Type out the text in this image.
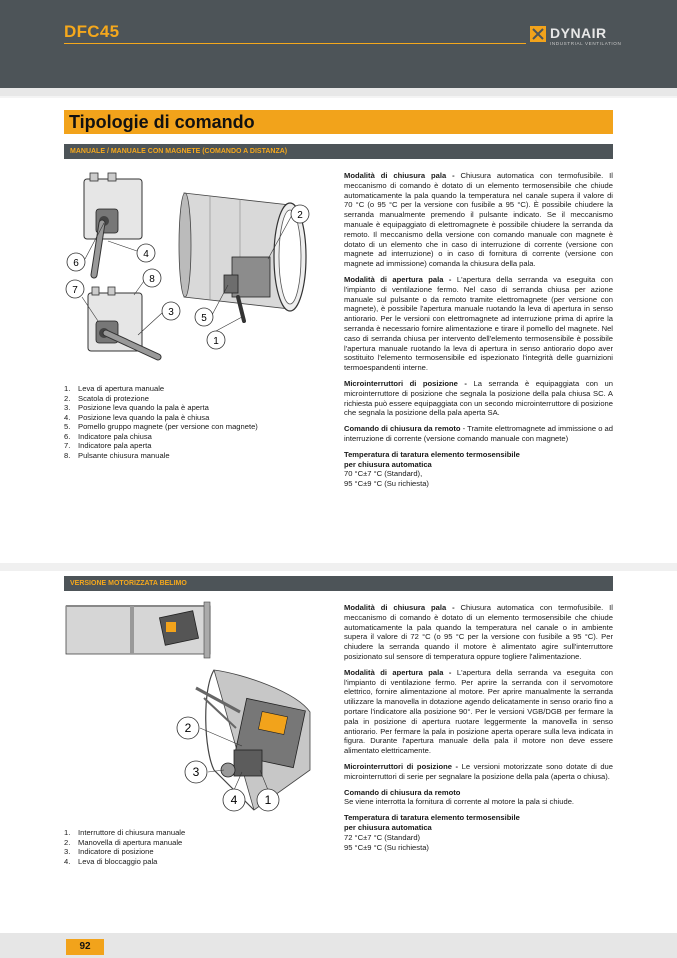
DFC45	DYNAIR
INDUSTRIAL VENTILATION
Tipologie di comando
MANUALE / MANUALE CON MAGNETE (COMANDO A DISTANZA)
2
6
4
8
7
3
5
1
1. Leva di apertura manuale
2. Scatola di protezione
3. Posizione leva quando la pala è aperta
4. Posizione leva quando la pala è chiusa
5. Pomello gruppo magnete (per versione con magnete)
6. Indicatore pala chiusa
7. Indicatore pala aperta
8. Pulsante chiusura manuale

Modalità di chiusura pala - Chiusura automatica con termofusibile. Il meccanismo di comando è dotato di un elemento termosensibile che chiude automaticamente la pala quando la temperatura nel canale supera il valore di 70 °C (o 95 °C per la versione con fusibile a 95 °C). È possibile chiudere la serranda manualmente premendo il pulsante indicato. Se il meccanismo manuale è equipaggiato di elettromagnete è possibile chiudere la serranda da remoto. Il meccanismo della versione con comando manuale con magnete è dotato di un elemento che in caso di interruzione di corrente (versione con magnete ad interruzione) o in caso di fornitura di corrente (versione con magnete ad immissione) comanda la chiusura della pala.

Modalità di apertura pala - L'apertura della serranda va eseguita con l'impianto di ventilazione fermo. Nel caso di serranda chiusa per azione manuale sul pulsante o da remoto tramite elettromagnete (per versione con magnete), è possibile l'apertura manuale ruotando la leva di apertura in senso antiorario. Per le versioni con elettromagnete ad interruzione prima di aprire la serranda è necessario fornire alimentazione e tirare il pomello del magnete. Nel caso di serranda chiusa per intervento dell'elemento termosensibile è possibile l'apertura manuale ruotando la leva di apertura in senso antiorario dopo aver sostituito l'elemento termosensibile ed ispezionato l'integrità delle guarnizioni termoespandenti interne.

Microinterruttori di posizione - La serranda è equipaggiata con un microinterruttore di posizione che segnala la posizione della pala chiusa SC. A richiesta può essere equipaggiata con un secondo microinterruttore di posizione che segnala la posizione della pala aperta SA.

Comando di chiusura da remoto - Tramite elettromagnete ad immissione o ad interruzione di corrente (versione comando manuale con magnete)

Temperatura di taratura elemento termosensibile
per chiusura automatica
70 °C±7 °C (Standard),
95 °C±9 °C (Su richiesta)

VERSIONE MOTORIZZATA BELIMO
2
3
4 1
1. Interruttore di chiusura manuale
2. Manovella di apertura manuale
3. Indicatore di posizione
4. Leva di bloccaggio pala

Modalità di chiusura pala - Chiusura automatica con termofusibile. Il meccanismo di comando è dotato di un elemento termosensibile che chiude automaticamente la pala quando la temperatura nel canale o in ambiente supera il valore di 72 °C (o 95 °C per la versione con fusibile a 95 °C). Per chiudere la serranda quando il motore è alimentato agire sull'interruttore posizionato sul sensore di temperatura oppure togliere l'alimentazione.

Modalità di apertura pala - L'apertura della serranda va eseguita con l'impianto di ventilazione fermo. Per aprire la serranda con il servomotore elettrico, fornire alimentazione al motore. Per aprire manualmente la serranda utilizzare la manovella in dotazione agendo delicatamente in senso orario fino a portare l'indicatore alla posizione 90°. Per le versioni VGB/DGB per fermare la pala in posizione di apertura ruotare leggermente la manovella in senso antiorario. Per fermare la pala in posizione aperta operare sulla leva indicata in figura. Durante l'apertura manuale della pala il motore non deve essere alimentato elettricamente.

Microinterruttori di posizione - Le versioni motorizzate sono dotate di due microinterruttori di serie per segnalare la posizione della pala (aperta o chiusa).

Comando di chiusura da remoto
Se viene interrotta la fornitura di corrente al motore la pala si chiude.

Temperatura di taratura elemento termosensibile
per chiusura automatica
72 °C±7 °C (Standard)
95 °C±9 °C (Su richiesta)

92
